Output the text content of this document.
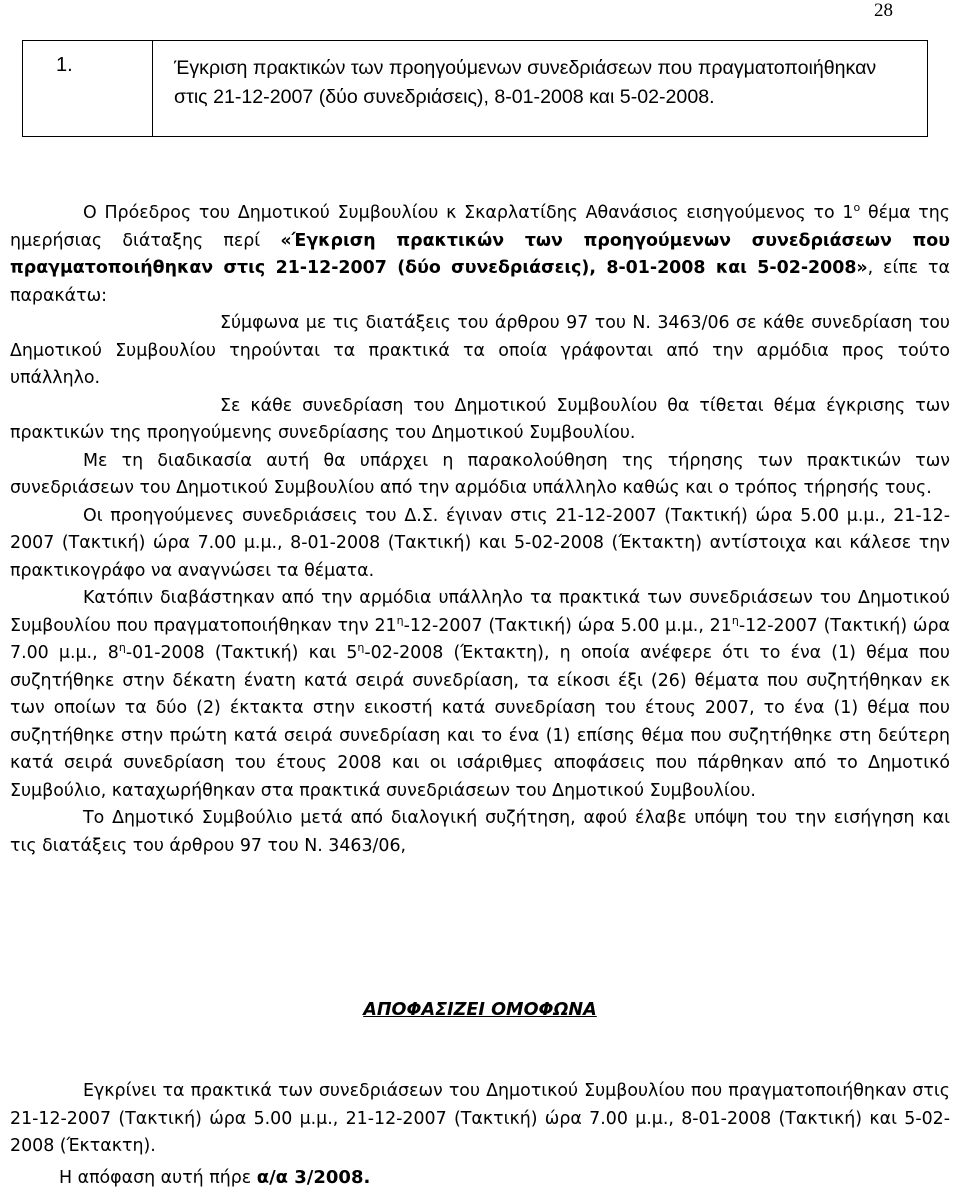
28
1.	Έγκριση πρακτικών των προηγούμενων συνεδριάσεων που πραγματοποιήθηκαν στις 21-12-2007 (δύο συνεδριάσεις), 8-01-2008 και 5-02-2008.

Ο Πρόεδρος του Δημοτικού Συμβουλίου κ Σκαρλατίδης Αθανάσιος εισηγούμενος το $1^o$ θέμα της ημερήσιας διάταξης περί «Έγκριση πρακτικών των προηγούμενων συνεδριάσεων που πραγματοποιήθηκαν στις 21-12-2007 (δύο συνεδριάσεις), 8-01-2008 και 5-02-2008», είπε τα παρακάτω:

Σύμφωνα με τις διατάξεις του άρθρου 97 του Ν. 3463/06 σε κάθε συνεδρίαση του Δημοτικού Συμβουλίου τηρούνται τα πρακτικά τα οποία γράφονται από την αρμόδια προς τούτο υπάλληλο.

Σε κάθε συνεδρίαση του Δημοτικού Συμβουλίου θα τίθεται θέμα έγκρισης των πρακτικών της προηγούμενης συνεδρίασης του Δημοτικού Συμβουλίου.

Με τη διαδικασία αυτή θα υπάρχει η παρακολούθηση της τήρησης των πρακτικών των συνεδριάσεων του Δημοτικού Συμβουλίου από την αρμόδια υπάλληλο καθώς και ο τρόπος τήρησής τους.

Οι προηγούμενες συνεδριάσεις του Δ.Σ. έγιναν στις 21-12-2007 (Τακτική) ώρα 5.00 μ.μ., 21-12-2007 (Τακτική) ώρα 7.00 μ.μ., 8-01-2008 (Τακτική) και 5-02-2008 (Έκτακτη) αντίστοιχα και κάλεσε την πρακτικογράφο να αναγνώσει τα θέματα.

Κατόπιν διαβάστηκαν από την αρμόδια υπάλληλο τα πρακτικά των συνεδριάσεων του Δημοτικού Συμβουλίου που πραγματοποιήθηκαν την $21^\eta-12-2007$ (Τακτική) ώρα 5.00 μ.μ., $21^\eta-12-2007$ (Τακτική) ώρα 7.00 μ.μ., $8^\eta-01-2008$ (Τακτική) και $5^\eta-02-2008$ (Έκτακτη), η οποία ανέφερε ότι το ένα (1) θέμα που συζητήθηκε στην δέκατη ένατη κατά σειρά συνεδρίαση, τα είκοσι έξι (26) θέματα που συζητήθηκαν εκ των οποίων τα δύο (2) έκτακτα στην εικοστή κατά συνεδρίαση του έτους 2007, το ένα (1) θέμα που συζητήθηκε στην πρώτη κατά σειρά συνεδρίαση και το ένα (1) επίσης θέμα που συζητήθηκε στη δεύτερη κατά σειρά συνεδρίαση του έτους 2008 και οι ισάριθμες αποφάσεις που πάρθηκαν από το Δημοτικό Συμβούλιο, καταχωρήθηκαν στα πρακτικά συνεδριάσεων του Δημοτικού Συμβουλίου.

Το Δημοτικό Συμβούλιο μετά από διαλογική συζήτηση, αφού έλαβε υπόψη του την εισήγηση και τις διατάξεις του άρθρου 97 του Ν. 3463/06,

ΑΠΟΦΑΣΙΖΕΙ ΟΜΟΦΩΝΑ

Εγκρίνει τα πρακτικά των συνεδριάσεων του Δημοτικού Συμβουλίου που πραγματοποιήθηκαν στις 21-12-2007 (Τακτική) ώρα 5.00 μ.μ., 21-12-2007 (Τακτική) ώρα 7.00 μ.μ., 8-01-2008 (Τακτική) και 5-02-2008 (Έκτακτη).

Η απόφαση αυτή πήρε α/α 3/2008.
